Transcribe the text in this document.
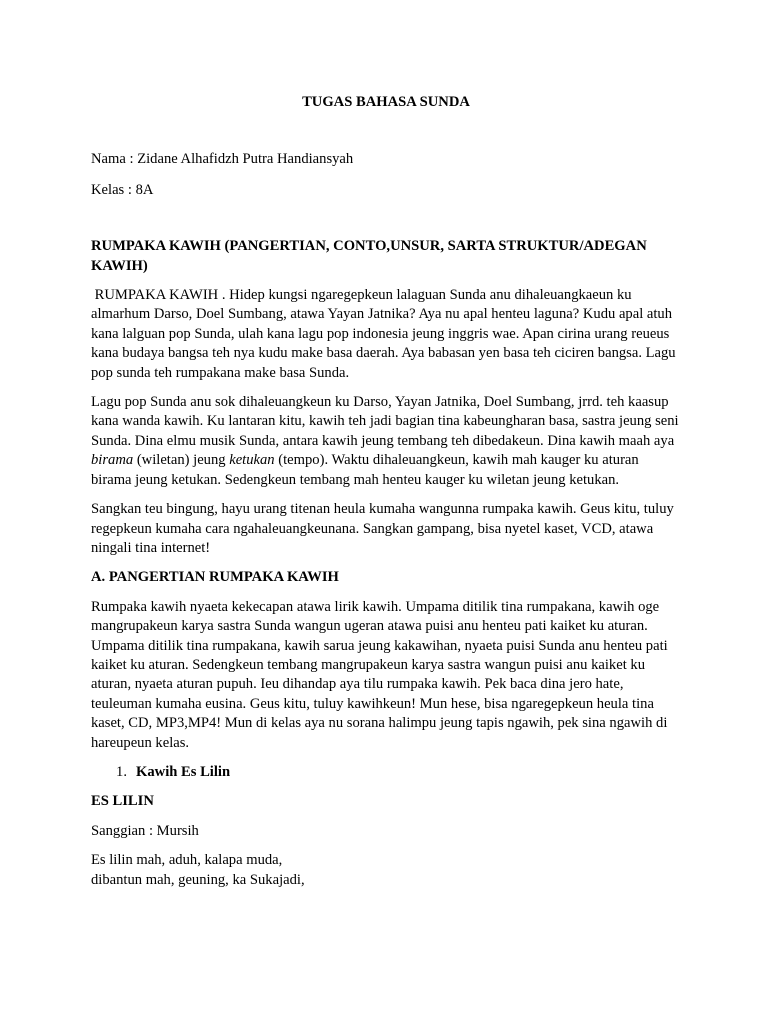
TUGAS BAHASA SUNDA

Nama : Zidane Alhafidzh Putra Handiansyah

Kelas : 8A

RUMPAKA KAWIH (PANGERTIAN, CONTO,UNSUR, SARTA STRUKTUR/ADEGAN KAWIH)

RUMPAKA KAWIH . Hidep kungsi ngaregepkeun lalaguan Sunda anu dihaleuangkaeun ku almarhum Darso, Doel Sumbang, atawa Yayan Jatnika? Aya nu apal henteu laguna? Kudu apal atuh kana lalguan pop Sunda, ulah kana lagu pop indonesia jeung inggris wae. Apan cirina urang reueus kana budaya bangsa teh nya kudu make basa daerah. Aya babasan yen basa teh ciciren bangsa. Lagu pop sunda teh rumpakana make basa Sunda.

Lagu pop Sunda anu sok dihaleuangkeun ku Darso, Yayan Jatnika, Doel Sumbang, jrrd. teh kaasup kana wanda kawih. Ku lantaran kitu, kawih teh jadi bagian tina kabeungharan basa, sastra jeung seni Sunda. Dina elmu musik Sunda, antara kawih jeung tembang teh dibedakeun. Dina kawih maah aya birama (wiletan) jeung ketukan (tempo). Waktu dihaleuangkeun, kawih mah kauger ku aturan birama jeung ketukan. Sedengkeun tembang mah henteu kauger ku wiletan jeung ketukan.

Sangkan teu bingung, hayu urang titenan heula kumaha wangunna rumpaka kawih. Geus kitu, tuluy regepkeun kumaha cara ngahaleuangkeunana. Sangkan gampang, bisa nyetel kaset, VCD, atawa ningali tina internet!

A. PANGERTIAN RUMPAKA KAWIH

Rumpaka kawih nyaeta kekecapan atawa lirik kawih. Umpama ditilik tina rumpakana, kawih oge mangrupakeun karya sastra Sunda wangun ugeran atawa puisi anu henteu pati kaiket ku aturan. Umpama ditilik tina rumpakana, kawih sarua jeung kakawihan, nyaeta puisi Sunda anu henteu pati kaiket ku aturan. Sedengkeun tembang mangrupakeun karya sastra wangun puisi anu kaiket ku aturan, nyaeta aturan pupuh. Ieu dihandap aya tilu rumpaka kawih. Pek baca dina jero hate, teuleuman kumaha eusina. Geus kitu, tuluy kawihkeun! Mun hese, bisa ngaregepkeun heula tina kaset, CD, MP3,MP4! Mun di kelas aya nu sorana halimpu jeung tapis ngawih, pek sina ngawih di hareupeun kelas.

1. Kawih Es Lilin

ES LILIN

Sanggian : Mursih

Es lilin mah, aduh, kalapa muda,
dibantun mah, geuning, ka Sukajadi,
